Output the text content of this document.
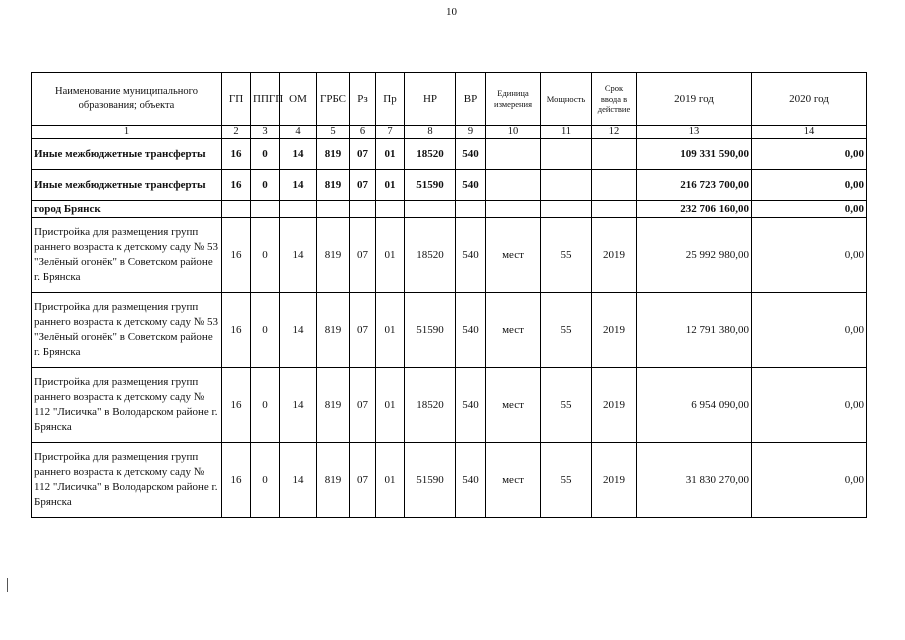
10
Наименование муниципального образования; объекта	ГП	ППГП	ОМ	ГРБС	Рз	Пр	НР	ВР	Единица измерения	Мощность	Срок ввода в действие	2019 год	2020 год
1	2	3	4	5	6	7	8	9	10	11	12	13	14
Иные межбюджетные трансферты	16	0	14	819	07	01	18520	540				109 331 590,00	0,00
Иные межбюджетные трансферты	16	0	14	819	07	01	51590	540				216 723 700,00	0,00
город Брянск												232 706 160,00	0,00
Пристройка для размещения групп раннего возраста к детскому саду № 53 "Зелёный огонёк" в Советском районе г. Брянска	16	0	14	819	07	01	18520	540	мест	55	2019	25 992 980,00	0,00
Пристройка для размещения групп раннего возраста к детскому саду № 53 "Зелёный огонёк" в Советском районе г. Брянска	16	0	14	819	07	01	51590	540	мест	55	2019	12 791 380,00	0,00
Пристройка для размещения групп раннего возраста к детскому саду № 112 "Лисичка" в Володарском районе г. Брянска	16	0	14	819	07	01	18520	540	мест	55	2019	6 954 090,00	0,00
Пристройка для размещения групп раннего возраста к детскому саду № 112 "Лисичка" в Володарском районе г. Брянска	16	0	14	819	07	01	51590	540	мест	55	2019	31 830 270,00	0,00
